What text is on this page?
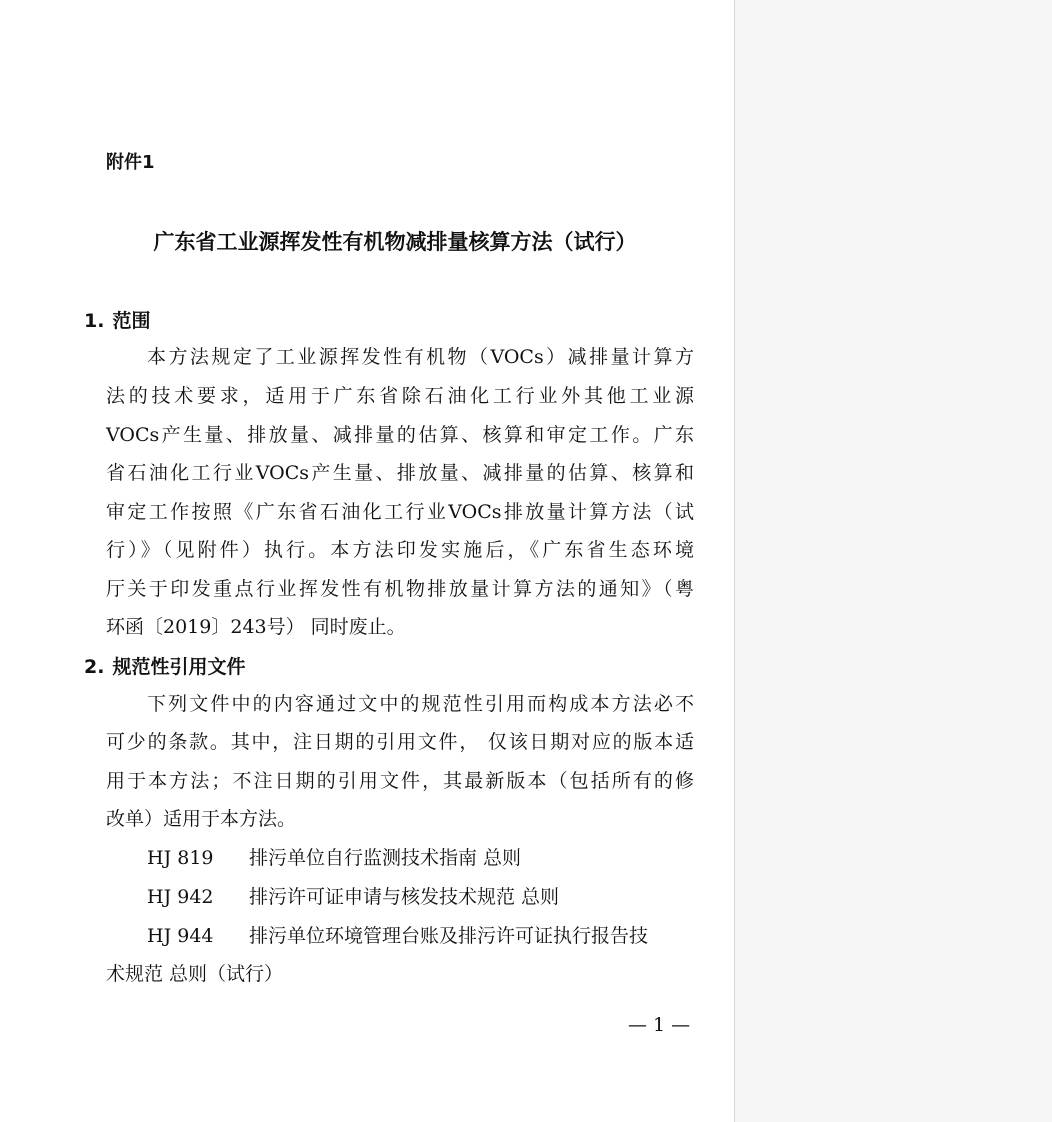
附件1
广东省工业源挥发性有机物减排量核算方法（试行）
1. 范围
本方法规定了工业源挥发性有机物（VOCs）减排量计算方
法的技术要求，适用于广东省除石油化工行业外其他工业源
VOCs产生量、排放量、减排量的估算、核算和审定工作。广东
省石油化工行业VOCs产生量、排放量、减排量的估算、核算和
审定工作按照《广东省石油化工行业VOCs排放量计算方法（试
行）》（见附件）执行。本方法印发实施后，《广东省生态环境
厅关于印发重点行业挥发性有机物排放量计算方法的通知》（粤
环函〔2019〕243号） 同时废止。
2. 规范性引用文件
下列文件中的内容通过文中的规范性引用而构成本方法必不
可少的条款。其中，注日期的引用文件， 仅该日期对应的版本适
用于本方法；不注日期的引用文件，其最新版本（包括所有的修
改单）适用于本方法。
HJ 819 排污单位自行监测技术指南 总则
HJ 942 排污许可证申请与核发技术规范 总则
HJ 944 排污单位环境管理台账及排污许可证执行报告技
术规范 总则（试行）
— 1 —
